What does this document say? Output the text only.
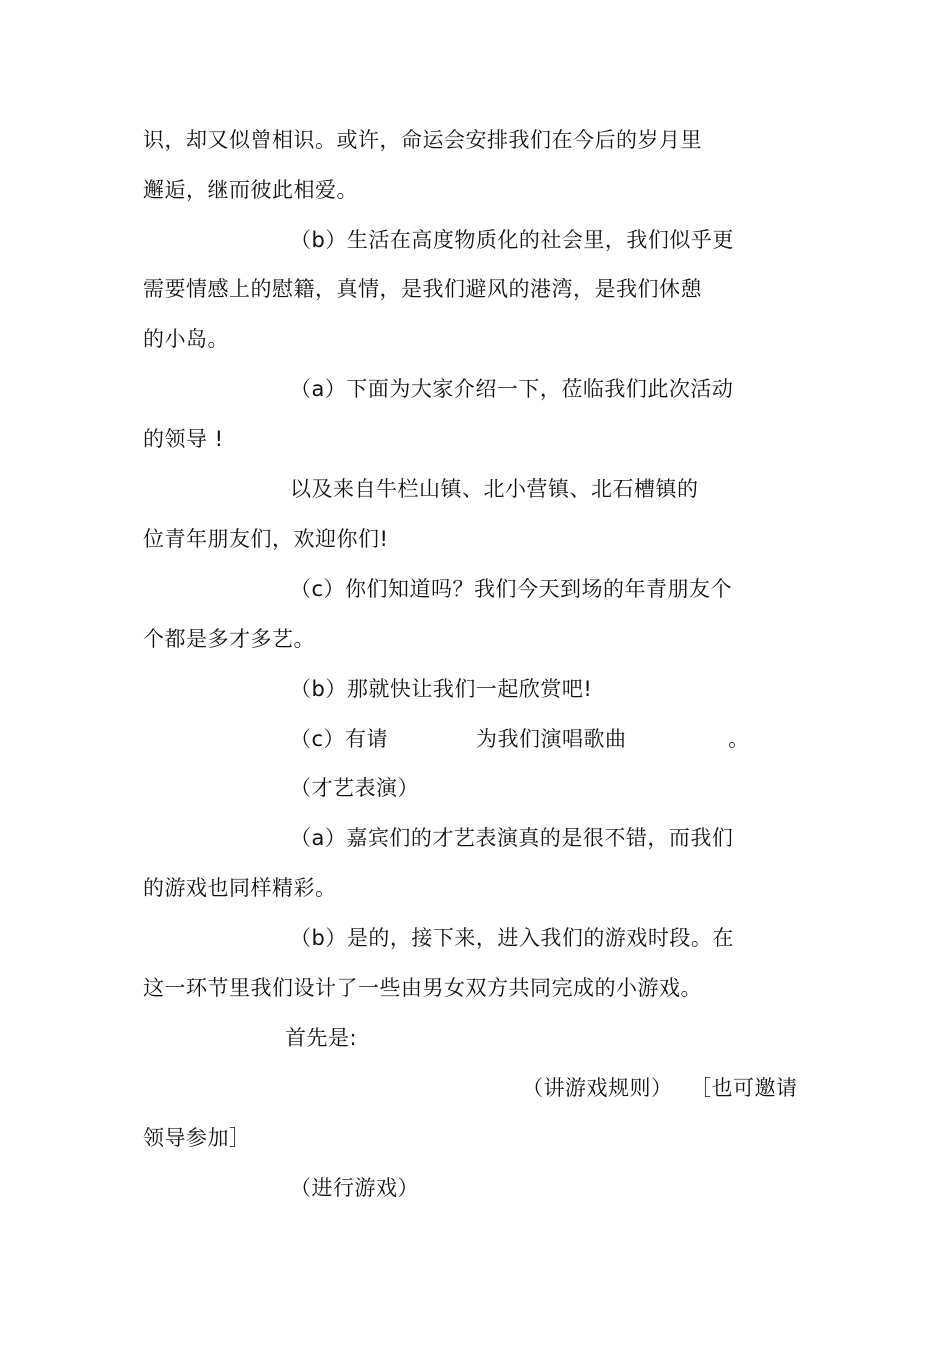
识，却又似曾相识。或许，命运会安排我们在今后的岁月里
邂逅，继而彼此相爱。
（b）生活在高度物质化的社会里，我们似乎更
需要情感上的慰籍，真情，是我们避风的港湾，是我们休憩
的小岛。
（a）下面为大家介绍一下，莅临我们此次活动
的领导 !
以及来自牛栏山镇、北小营镇、北石槽镇的
位青年朋友们，欢迎你们!
（c）你们知道吗？我们今天到场的年青朋友个
个都是多才多艺。
（b）那就快让我们一起欣赏吧!
（c）有请	为我们演唱歌曲	。
（才艺表演）
（a）嘉宾们的才艺表演真的是很不错，而我们
的游戏也同样精彩。
（b）是的，接下来，进入我们的游戏时段。在
这一环节里我们设计了一些由男女双方共同完成的小游戏。
首先是:
（讲游戏规则） ［也可邀请
领导参加］
（进行游戏）
